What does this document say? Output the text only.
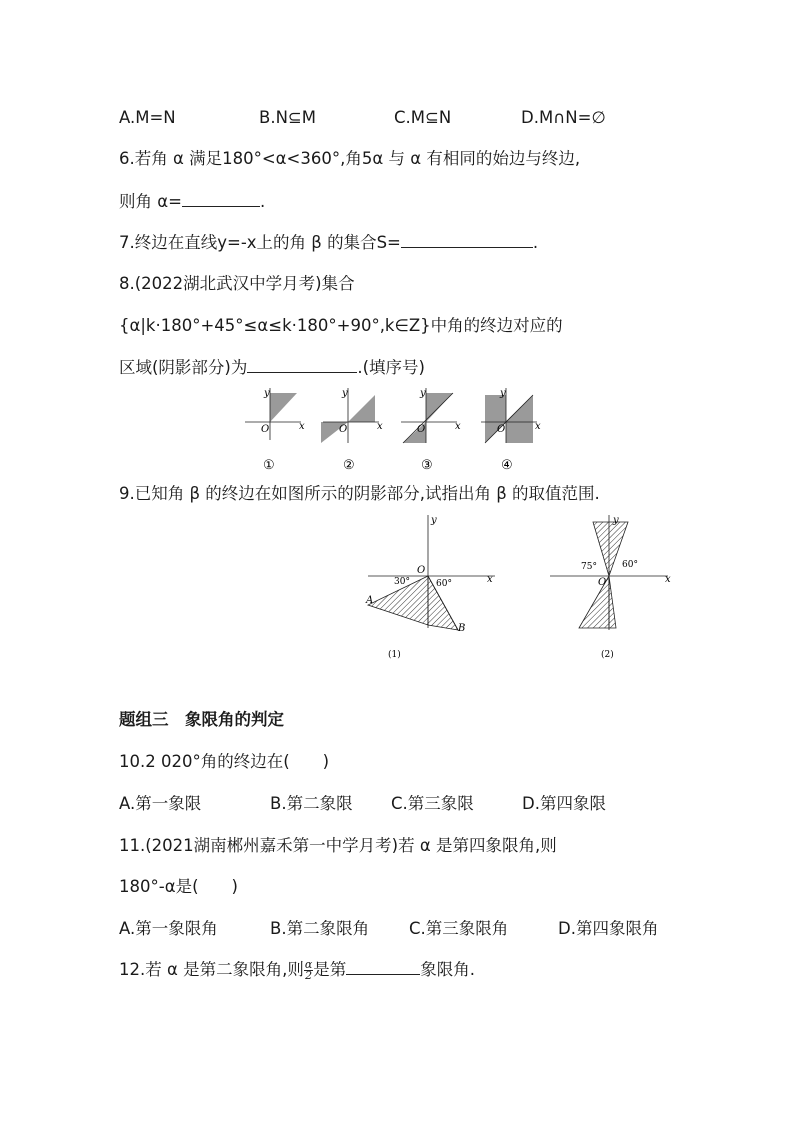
A.M=N	B.N⊆M	C.M⊆N	D.M∩N=∅
6.若角 α 满足180°<α<360°,角5α 与 α 有相同的始边与终边,
则角 α=	.
7.终边在直线y=-x上的角 β 的集合S=	.
8.(2022湖北武汉中学月考)集合
{α|k·180°+45°≤α≤k·180°+90°,k∈Z}中角的终边对应的
区域(阴影部分)为	.(填序号)
y
x
O
①
y
x
O
②
y
x
O
③
y
x
O
④
9.已知角 β 的终边在如图所示的阴影部分,试指出角 β 的取值范围.
y
x
O
30°	60°
A
B
(1)
y
x
O
75°	60°
(2)
题组三　象限角的判定
10.2 020°角的终边在(　　)
A.第一象限	B.第二象限 C.第三象限	D.第四象限
11.(2021湖南郴州嘉禾第一中学月考)若 α 是第四象限角,则
180°-α是(　　)
A.第一象限角	B.第二象限角 C.第三象限角	D.第四象限角
12.若 α 是第二象限角,则 $\frac{\alpha}{2}$ 是第	象限角.
